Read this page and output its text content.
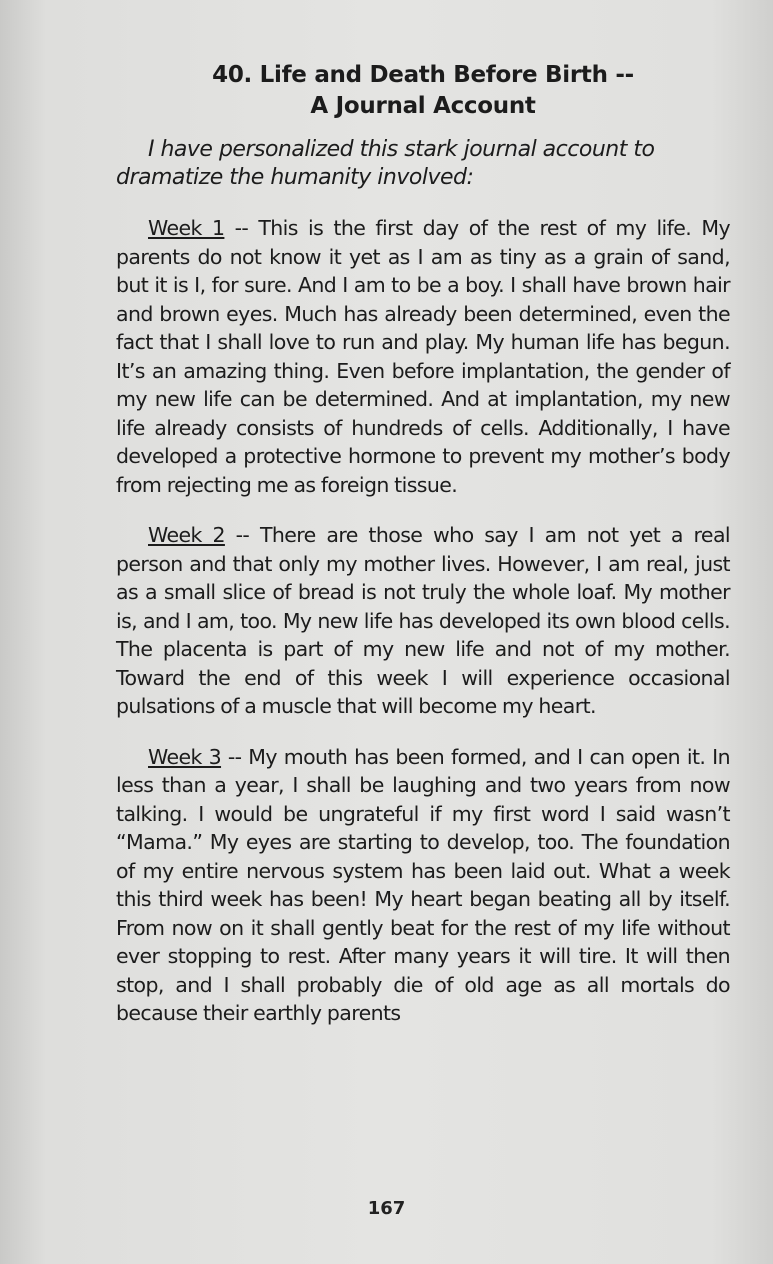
40. Life and Death Before Birth --
A Journal Account

I have personalized this stark journal account to dramatize the humanity involved:

Week 1 -- This is the first day of the rest of my life. My parents do not know it yet as I am as tiny as a grain of sand, but it is I, for sure. And I am to be a boy. I shall have brown hair and brown eyes. Much has already been determined, even the fact that I shall love to run and play. My human life has begun. It’s an amazing thing. Even before implantation, the gender of my new life can be determined. And at implantation, my new life already consists of hundreds of cells. Additionally, I have developed a protective hormone to prevent my mother’s body from rejecting me as foreign tissue.

Week 2 -- There are those who say I am not yet a real person and that only my mother lives. However, I am real, just as a small slice of bread is not truly the whole loaf. My mother is, and I am, too. My new life has developed its own blood cells. The placenta is part of my new life and not of my mother. Toward the end of this week I will experience occasional pulsations of a muscle that will become my heart.

Week 3 -- My mouth has been formed, and I can open it. In less than a year, I shall be laughing and two years from now talking. I would be ungrateful if my first word I said wasn’t “Mama.” My eyes are starting to develop, too. The foundation of my entire nervous system has been laid out. What a week this third week has been! My heart began beating all by itself. From now on it shall gently beat for the rest of my life without ever stopping to rest. After many years it will tire. It will then stop, and I shall probably die of old age as all mortals do because their earthly parents

167
